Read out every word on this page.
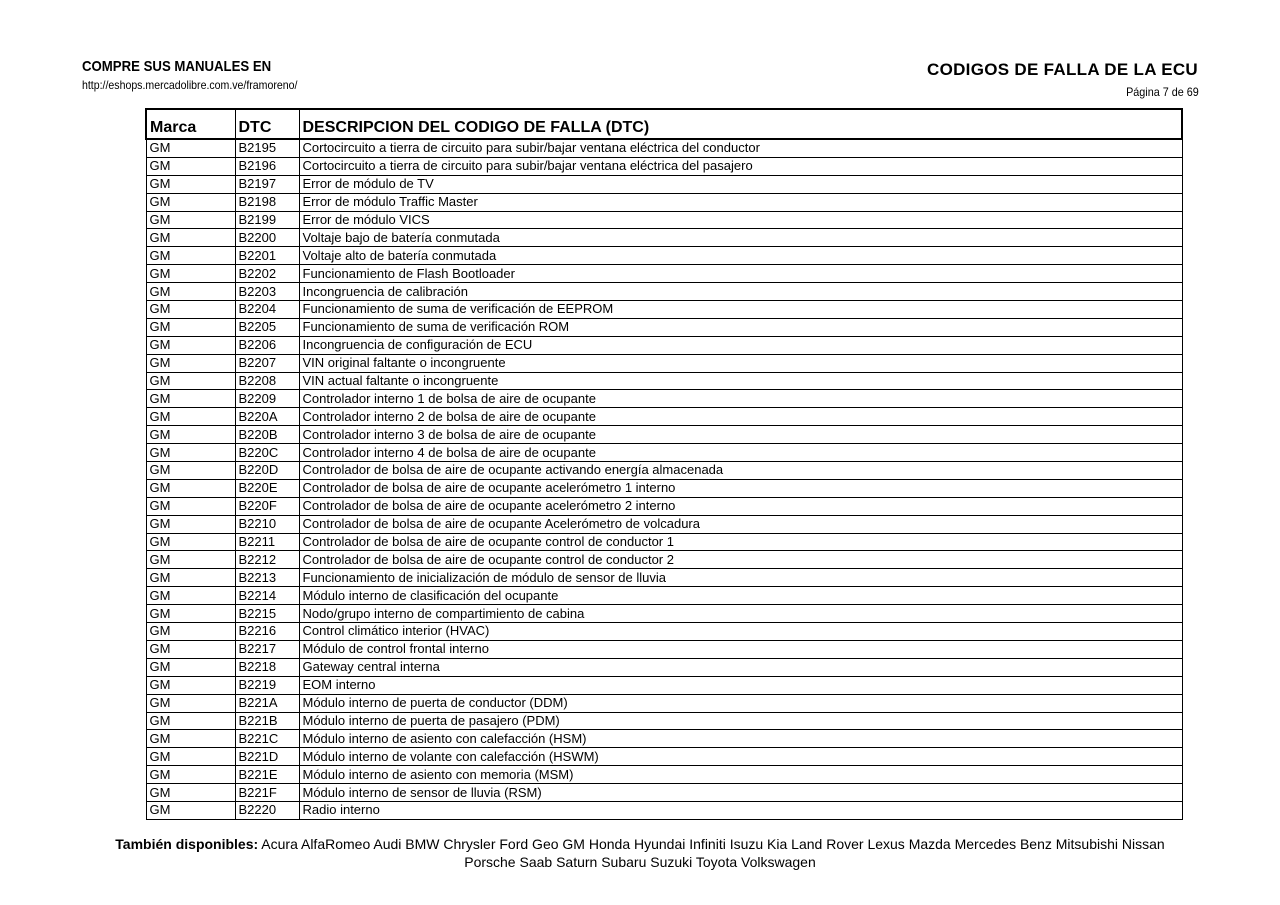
COMPRE SUS MANUALES EN
http://eshops.mercadolibre.com.ve/framoreno/
CODIGOS DE FALLA DE LA ECU
Página 7 de 69
Marca	DTC	DESCRIPCION DEL CODIGO DE FALLA (DTC)
GM	B2195	Cortocircuito a tierra de circuito para subir/bajar ventana eléctrica del conductor
GM	B2196	Cortocircuito a tierra de circuito para subir/bajar ventana eléctrica del pasajero
GM	B2197	Error de módulo de TV
GM	B2198	Error de módulo Traffic Master
GM	B2199	Error de módulo VICS
GM	B2200	Voltaje bajo de batería conmutada
GM	B2201	Voltaje alto de batería conmutada
GM	B2202	Funcionamiento de Flash Bootloader
GM	B2203	Incongruencia de calibración
GM	B2204	Funcionamiento de suma de verificación de EEPROM
GM	B2205	Funcionamiento de suma de verificación ROM
GM	B2206	Incongruencia de configuración de ECU
GM	B2207	VIN original faltante o incongruente
GM	B2208	VIN actual faltante o incongruente
GM	B2209	Controlador interno 1 de bolsa de aire de ocupante
GM	B220A	Controlador interno 2 de bolsa de aire de ocupante
GM	B220B	Controlador interno 3 de bolsa de aire de ocupante
GM	B220C	Controlador interno 4 de bolsa de aire de ocupante
GM	B220D	Controlador de bolsa de aire de ocupante activando energía almacenada
GM	B220E	Controlador de bolsa de aire de ocupante acelerómetro 1 interno
GM	B220F	Controlador de bolsa de aire de ocupante acelerómetro 2 interno
GM	B2210	Controlador de bolsa de aire de ocupante Acelerómetro de volcadura
GM	B2211	Controlador de bolsa de aire de ocupante control de conductor 1
GM	B2212	Controlador de bolsa de aire de ocupante control de conductor 2
GM	B2213	Funcionamiento de inicialización de módulo de sensor de lluvia
GM	B2214	Módulo interno de clasificación del ocupante
GM	B2215	Nodo/grupo interno de compartimiento de cabina
GM	B2216	Control climático interior (HVAC)
GM	B2217	Módulo de control frontal interno
GM	B2218	Gateway central interna
GM	B2219	EOM interno
GM	B221A	Módulo interno de puerta de conductor (DDM)
GM	B221B	Módulo interno de puerta de pasajero (PDM)
GM	B221C	Módulo interno de asiento con calefacción (HSM)
GM	B221D	Módulo interno de volante con calefacción (HSWM)
GM	B221E	Módulo interno de asiento con memoria (MSM)
GM	B221F	Módulo interno de sensor de lluvia (RSM)
GM	B2220	Radio interno
También disponibles: Acura AlfaRomeo Audi BMW Chrysler Ford Geo GM Honda Hyundai Infiniti Isuzu Kia Land Rover Lexus Mazda Mercedes Benz Mitsubishi Nissan
Porsche Saab Saturn Subaru Suzuki Toyota Volkswagen
